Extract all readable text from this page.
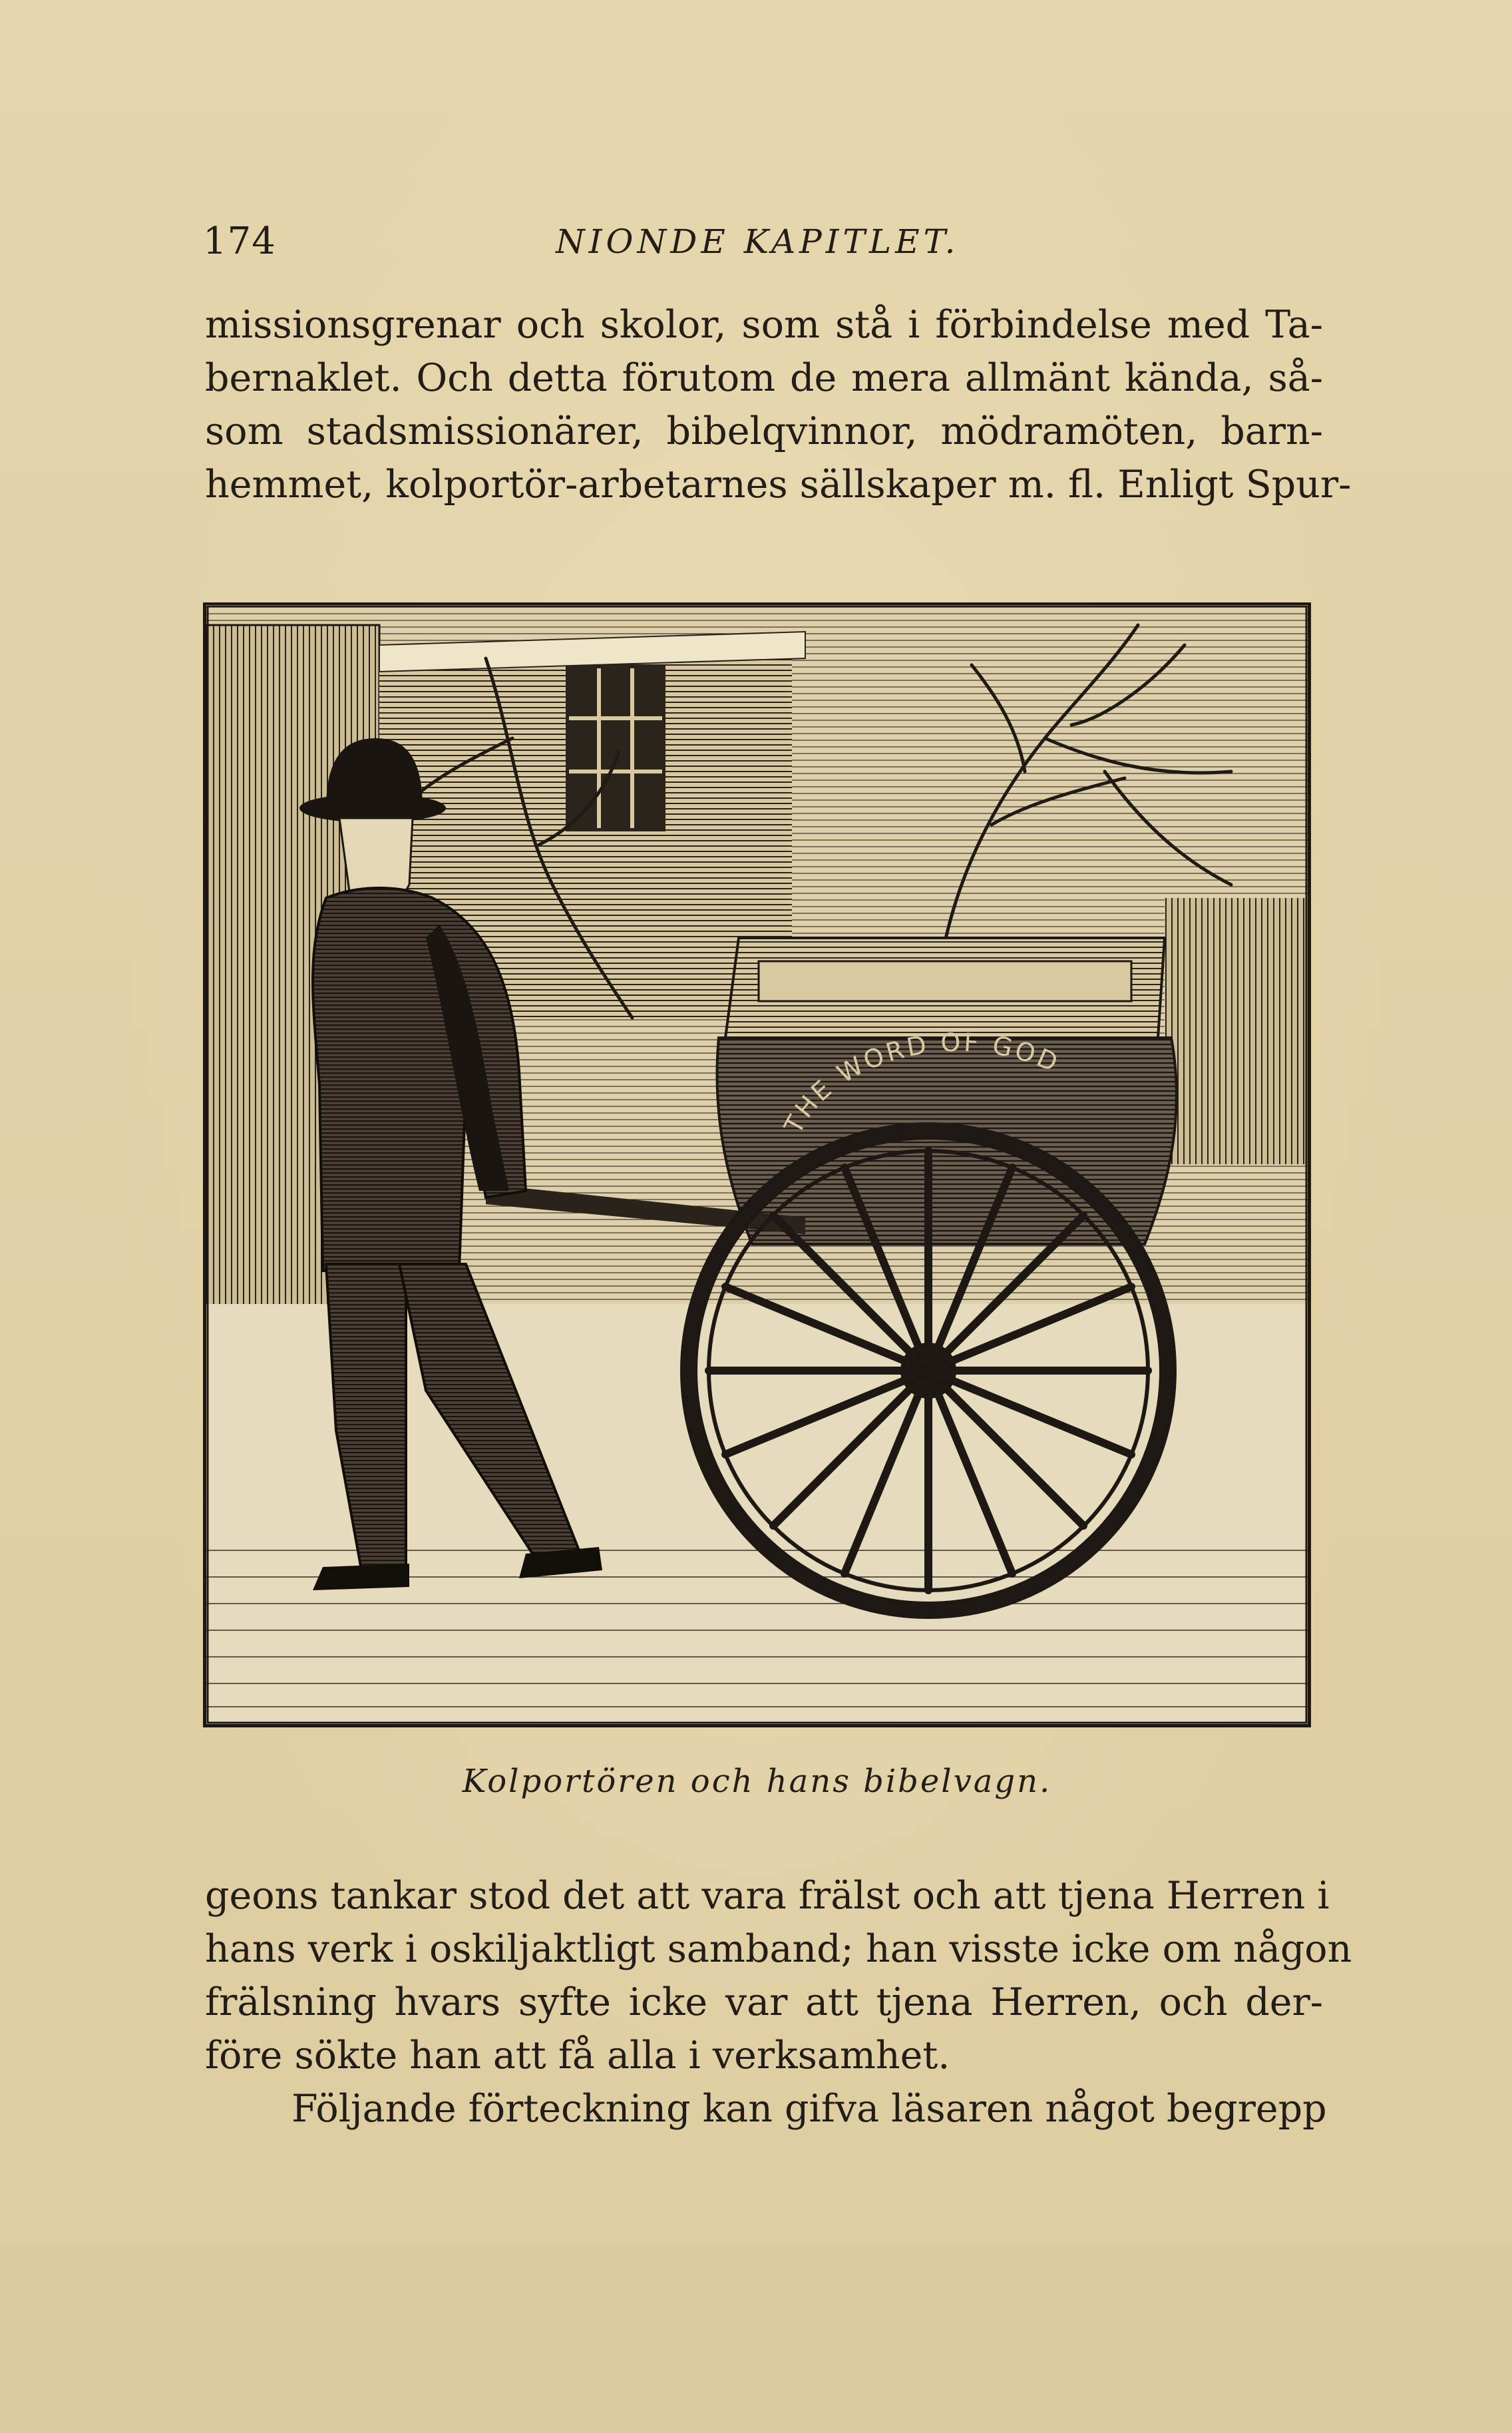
174	NIONDE KAPITLET.
missionsgrenar och skolor, som stå i förbindelse med Ta-
bernaklet. Och detta förutom de mera allmänt kända, så-
som stadsmissionärer, bibelqvinnor, mödramöten, barn-
hemmet, kolportör-arbetarnes sällskaper m. fl. Enligt Spur-
THE WORD OF GOD
Kolportören och hans bibelvagn.
geons tankar stod det att vara frälst och att tjena Herren i
hans verk i oskiljaktligt samband; han visste icke om någon
frälsning hvars syfte icke var att tjena Herren, och der-
före sökte han att få alla i verksamhet.
Följande förteckning kan gifva läsaren något begrepp
